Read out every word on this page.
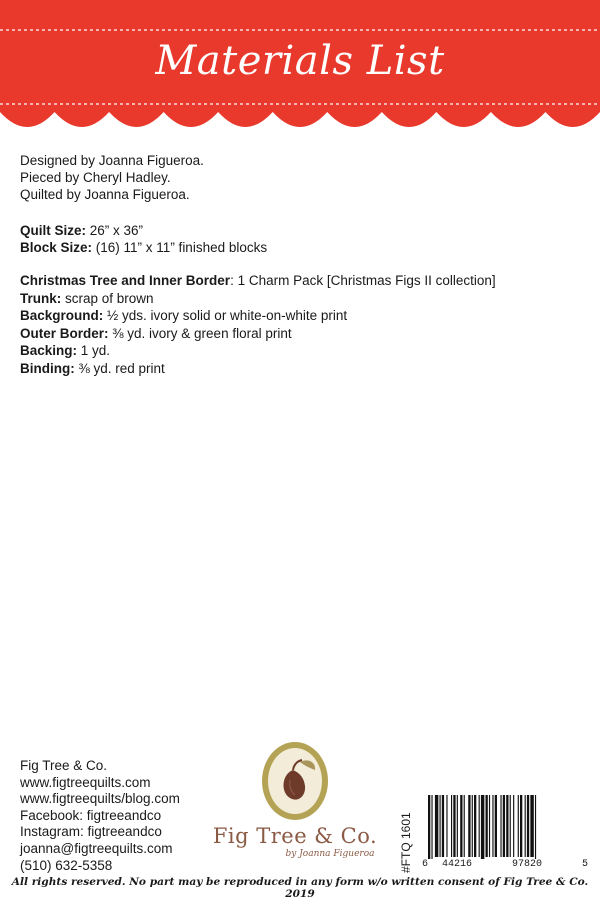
Materials List
Designed by Joanna Figueroa.
Pieced by Cheryl Hadley.
Quilted by Joanna Figueroa.
Quilt Size: 26” x 36”
Block Size: (16) 11” x 11” finished blocks
Christmas Tree and Inner Border: 1 Charm Pack [Christmas Figs II collection]
Trunk: scrap of brown
Background: ½ yds. ivory solid or white-on-white print
Outer Border: ⅜ yd. ivory & green floral print
Backing: 1 yd.
Binding: ⅜ yd. red print
Fig Tree & Co.
www.figtreequilts.com
www.figtreequilts/blog.com
Facebook: figtreeandco
Instagram: figtreeandco
joanna@figtreequilts.com
(510) 632-5358
Fig Tree & Co.
by Joanna Figueroa	#FTQ 1601 6 44216	97820	5
All rights reserved. No part may be reproduced in any form w/o written consent of Fig Tree & Co. 2019
